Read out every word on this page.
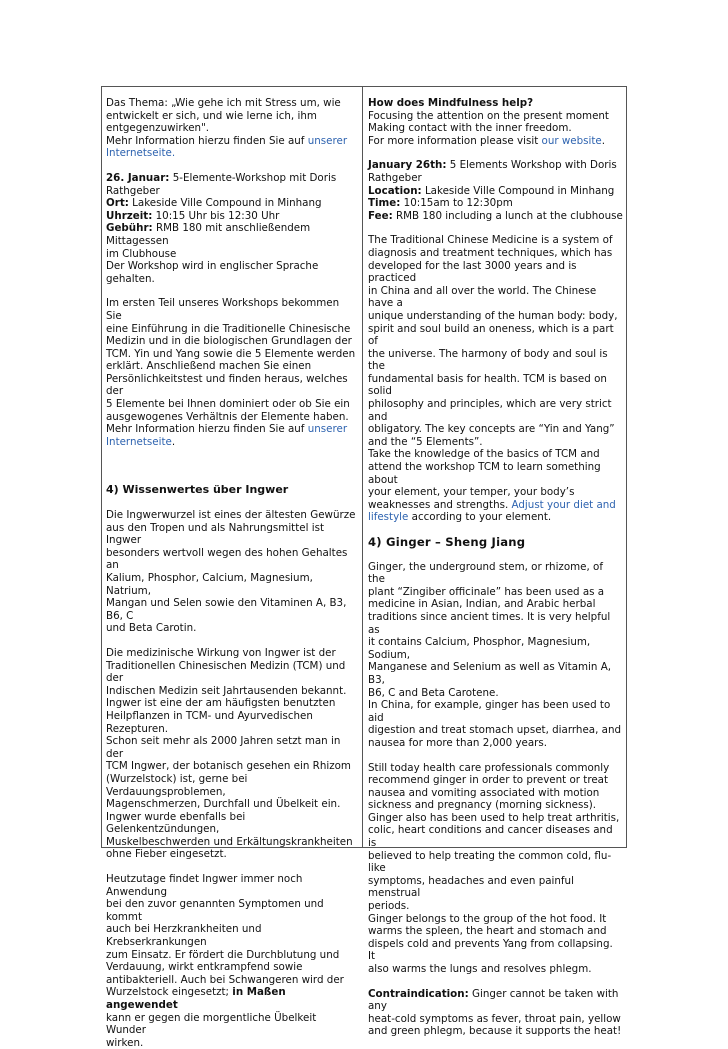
Das Thema: „Wie gehe ich mit Stress um, wie

entwickelt er sich, und wie lerne ich, ihm

entgegenzuwirken".

Mehr Information hierzu finden Sie auf unserer

Internetseite.

26. Januar: 5-Elemente-Workshop mit Doris

Rathgeber

Ort: Lakeside Ville Compound in Minhang

Uhrzeit: 10:15 Uhr bis 12:30 Uhr

Gebühr: RMB 180 mit anschließendem Mittagessen

im Clubhouse

Der Workshop wird in englischer Sprache gehalten.

Im ersten Teil unseres Workshops bekommen Sie

eine Einführung in die Traditionelle Chinesische

Medizin und in die biologischen Grundlagen der

TCM. Yin und Yang sowie die 5 Elemente werden

erklärt. Anschließend machen Sie einen

Persönlichkeitstest und finden heraus, welches der

5 Elemente bei Ihnen dominiert oder ob Sie ein

ausgewogenes Verhältnis der Elemente haben.

Mehr Information hierzu finden Sie auf unserer

Internetseite.

4) Wissenwertes über Ingwer

Die Ingwerwurzel ist eines der ältesten Gewürze

aus den Tropen und als Nahrungsmittel ist Ingwer

besonders wertvoll wegen des hohen Gehaltes an

Kalium, Phosphor, Calcium, Magnesium, Natrium,

Mangan und Selen sowie den Vitaminen A, B3, B6, C

und Beta Carotin.

Die medizinische Wirkung von Ingwer ist der

Traditionellen Chinesischen Medizin (TCM) und der

Indischen Medizin seit Jahrtausenden bekannt.

Ingwer ist eine der am häufigsten benutzten

Heilpflanzen in TCM- und Ayurvedischen

Rezepturen.

Schon seit mehr als 2000 Jahren setzt man in der

TCM Ingwer, der botanisch gesehen ein Rhizom

(Wurzelstock) ist, gerne bei Verdauungsproblemen,

Magenschmerzen, Durchfall und Übelkeit ein.

Ingwer wurde ebenfalls bei Gelenkentzündungen,

Muskelbeschwerden und Erkältungskrankheiten

ohne Fieber eingesetzt.

Heutzutage findet Ingwer immer noch Anwendung

bei den zuvor genannten Symptomen und kommt

auch bei Herzkrankheiten und Krebserkrankungen

zum Einsatz. Er fördert die Durchblutung und

Verdauung, wirkt entkrampfend sowie

antibakteriell. Auch bei Schwangeren wird der

Wurzelstock eingesetzt; in Maßen angewendet

kann er gegen die morgentliche Übelkeit Wunder

wirken.

How does Mindfulness help?

Focusing the attention on the present moment

Making contact with the inner freedom.

For more information please visit our website.

January 26th: 5 Elements Workshop with Doris

Rathgeber

Location: Lakeside Ville Compound in Minhang

Time: 10:15am to 12:30pm

Fee: RMB 180 including a lunch at the clubhouse

The Traditional Chinese Medicine is a system of

diagnosis and treatment techniques, which has

developed for the last 3000 years and is practiced

in China and all over the world. The Chinese have a

unique understanding of the human body: body,

spirit and soul build an oneness, which is a part of

the universe. The harmony of body and soul is the

fundamental basis for health. TCM is based on solid

philosophy and principles, which are very strict and

obligatory. The key concepts are “Yin and Yang”

and the “5 Elements”.

Take the knowledge of the basics of TCM and

attend the workshop TCM to learn something about

your element, your temper, your body’s

weaknesses and strengths. Adjust your diet and

lifestyle according to your element.

4) Ginger – Sheng Jiang

Ginger, the underground stem, or rhizome, of the

plant “Zingiber officinale” has been used as a

medicine in Asian, Indian, and Arabic herbal

traditions since ancient times. It is very helpful as

it contains Calcium, Phosphor, Magnesium, Sodium,

Manganese and Selenium as well as Vitamin A, B3,

B6, C and Beta Carotene.

In China, for example, ginger has been used to aid

digestion and treat stomach upset, diarrhea, and

nausea for more than 2,000 years.

Still today health care professionals commonly

recommend ginger in order to prevent or treat

nausea and vomiting associated with motion

sickness and pregnancy (morning sickness).

Ginger also has been used to help treat arthritis,

colic, heart conditions and cancer diseases and is

believed to help treating the common cold, flu-like

symptoms, headaches and even painful menstrual

periods.

Ginger belongs to the group of the hot food. It

warms the spleen, the heart and stomach and

dispels cold and prevents Yang from collapsing. It

also warms the lungs and resolves phlegm.

Contraindication: Ginger cannot be taken with any

heat-cold symptoms as fever, throat pain, yellow

and green phlegm, because it supports the heat!
